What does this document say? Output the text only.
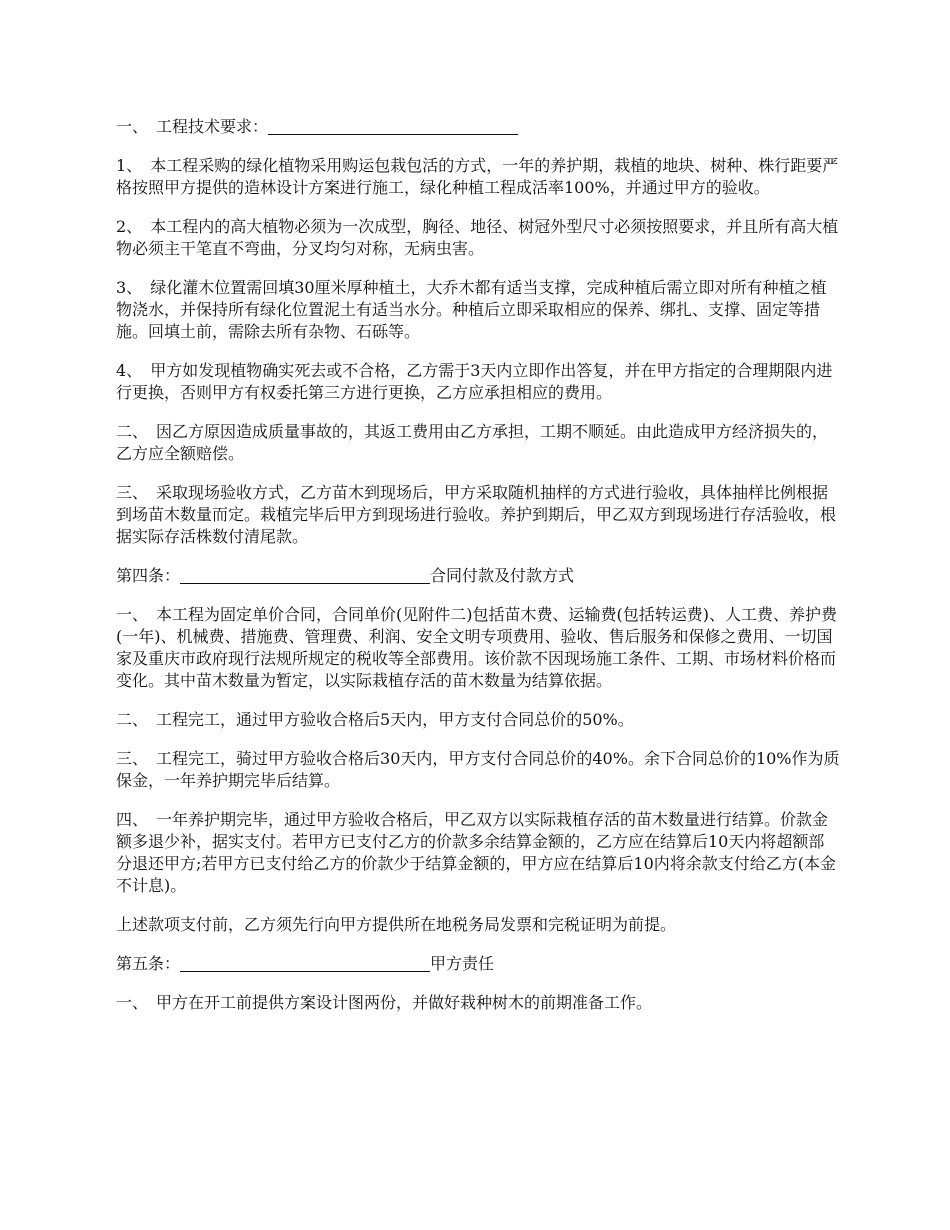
一、 工程技术要求：

1、 本工程采购的绿化植物采用购运包栽包活的方式，一年的养护期，栽植的地块、树种、株行距要严格按照甲方提供的造林设计方案进行施工，绿化种植工程成活率100%，并通过甲方的验收。

2、 本工程内的高大植物必须为一次成型，胸径、地径、树冠外型尺寸必须按照要求，并且所有高大植物必须主干笔直不弯曲，分叉均匀对称，无病虫害。

3、 绿化灌木位置需回填30厘米厚种植土，大乔木都有适当支撑，完成种植后需立即对所有种植之植物浇水，并保持所有绿化位置泥土有适当水分。种植后立即采取相应的保养、绑扎、支撑、固定等措施。回填土前，需除去所有杂物、石砾等。

4、 甲方如发现植物确实死去或不合格，乙方需于3天内立即作出答复，并在甲方指定的合理期限内进行更换，否则甲方有权委托第三方进行更换，乙方应承担相应的费用。

二、 因乙方原因造成质量事故的，其返工费用由乙方承担，工期不顺延。由此造成甲方经济损失的，乙方应全额赔偿。

三、 采取现场验收方式，乙方苗木到现场后，甲方采取随机抽样的方式进行验收，具体抽样比例根据到场苗木数量而定。栽植完毕后甲方到现场进行验收。养护到期后，甲乙双方到现场进行存活验收，根据实际存活株数付清尾款。

第四条：	合同付款及付款方式

一、 本工程为固定单价合同，合同单价(见附件二)包括苗木费、运输费(包括转运费)、人工费、养护费(一年)、机械费、措施费、管理费、利润、安全文明专项费用、验收、售后服务和保修之费用、一切国家及重庆市政府现行法规所规定的税收等全部费用。该价款不因现场施工条件、工期、市场材料价格而变化。其中苗木数量为暂定，以实际栽植存活的苗木数量为结算依据。

二、 工程完工，通过甲方验收合格后5天内，甲方支付合同总价的50%。

三、 工程完工，骑过甲方验收合格后30天内，甲方支付合同总价的40%。余下合同总价的10%作为质保金，一年养护期完毕后结算。

四、 一年养护期完毕，通过甲方验收合格后，甲乙双方以实际栽植存活的苗木数量进行结算。价款金额多退少补，据实支付。若甲方已支付乙方的价款多余结算金额的，乙方应在结算后10天内将超额部分退还甲方;若甲方已支付给乙方的价款少于结算金额的，甲方应在结算后10内将余款支付给乙方(本金不计息)。

上述款项支付前，乙方须先行向甲方提供所在地税务局发票和完税证明为前提。

第五条：	甲方责任

一、 甲方在开工前提供方案设计图两份，并做好栽种树木的前期准备工作。
